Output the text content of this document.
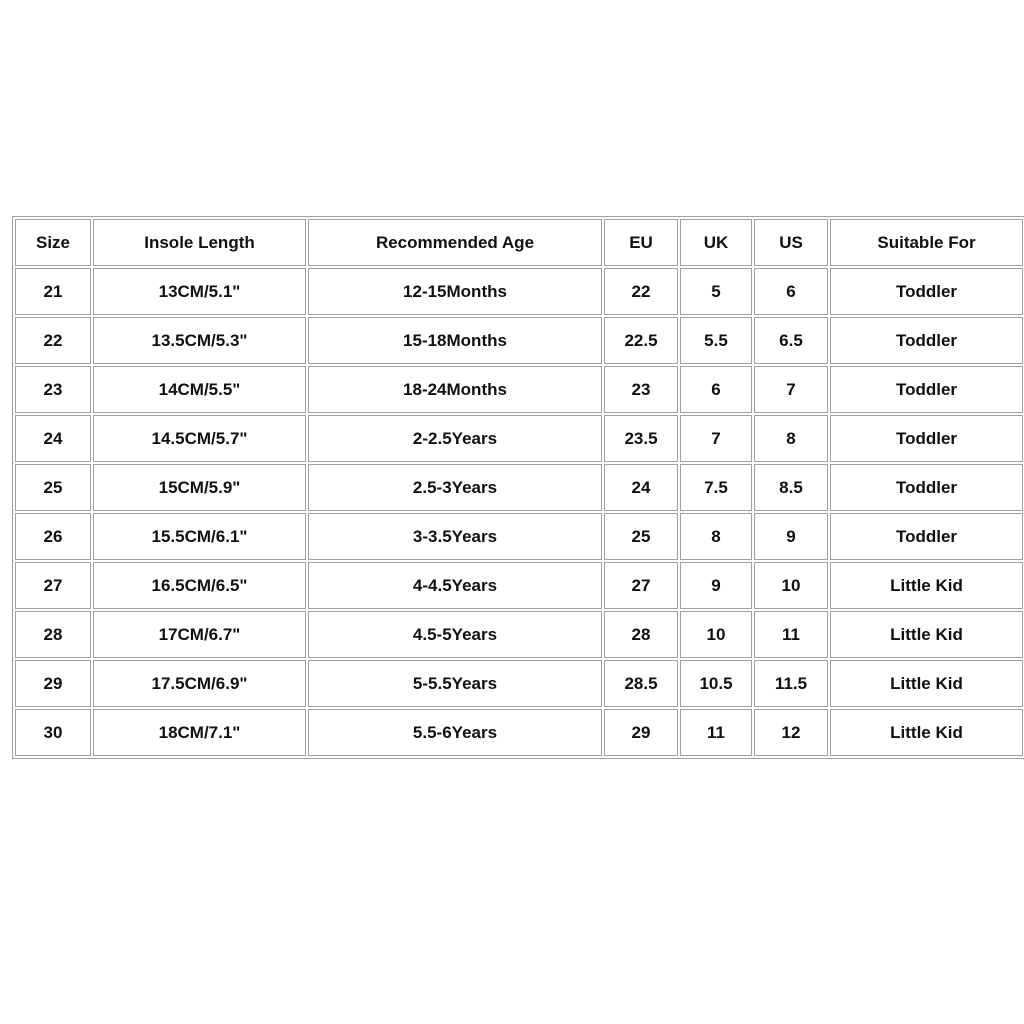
Size	Insole Length	Recommended Age	EU	UK	US	Suitable For
21	13CM/5.1"	12-15Months	22	5	6	Toddler
22	13.5CM/5.3"	15-18Months	22.5	5.5	6.5	Toddler
23	14CM/5.5"	18-24Months	23	6	7	Toddler
24	14.5CM/5.7"	2-2.5Years	23.5	7	8	Toddler
25	15CM/5.9"	2.5-3Years	24	7.5	8.5	Toddler
26	15.5CM/6.1"	3-3.5Years	25	8	9	Toddler
27	16.5CM/6.5"	4-4.5Years	27	9	10	Little Kid
28	17CM/6.7"	4.5-5Years	28	10	11	Little Kid
29	17.5CM/6.9"	5-5.5Years	28.5	10.5	11.5	Little Kid
30	18CM/7.1"	5.5-6Years	29	11	12	Little Kid
